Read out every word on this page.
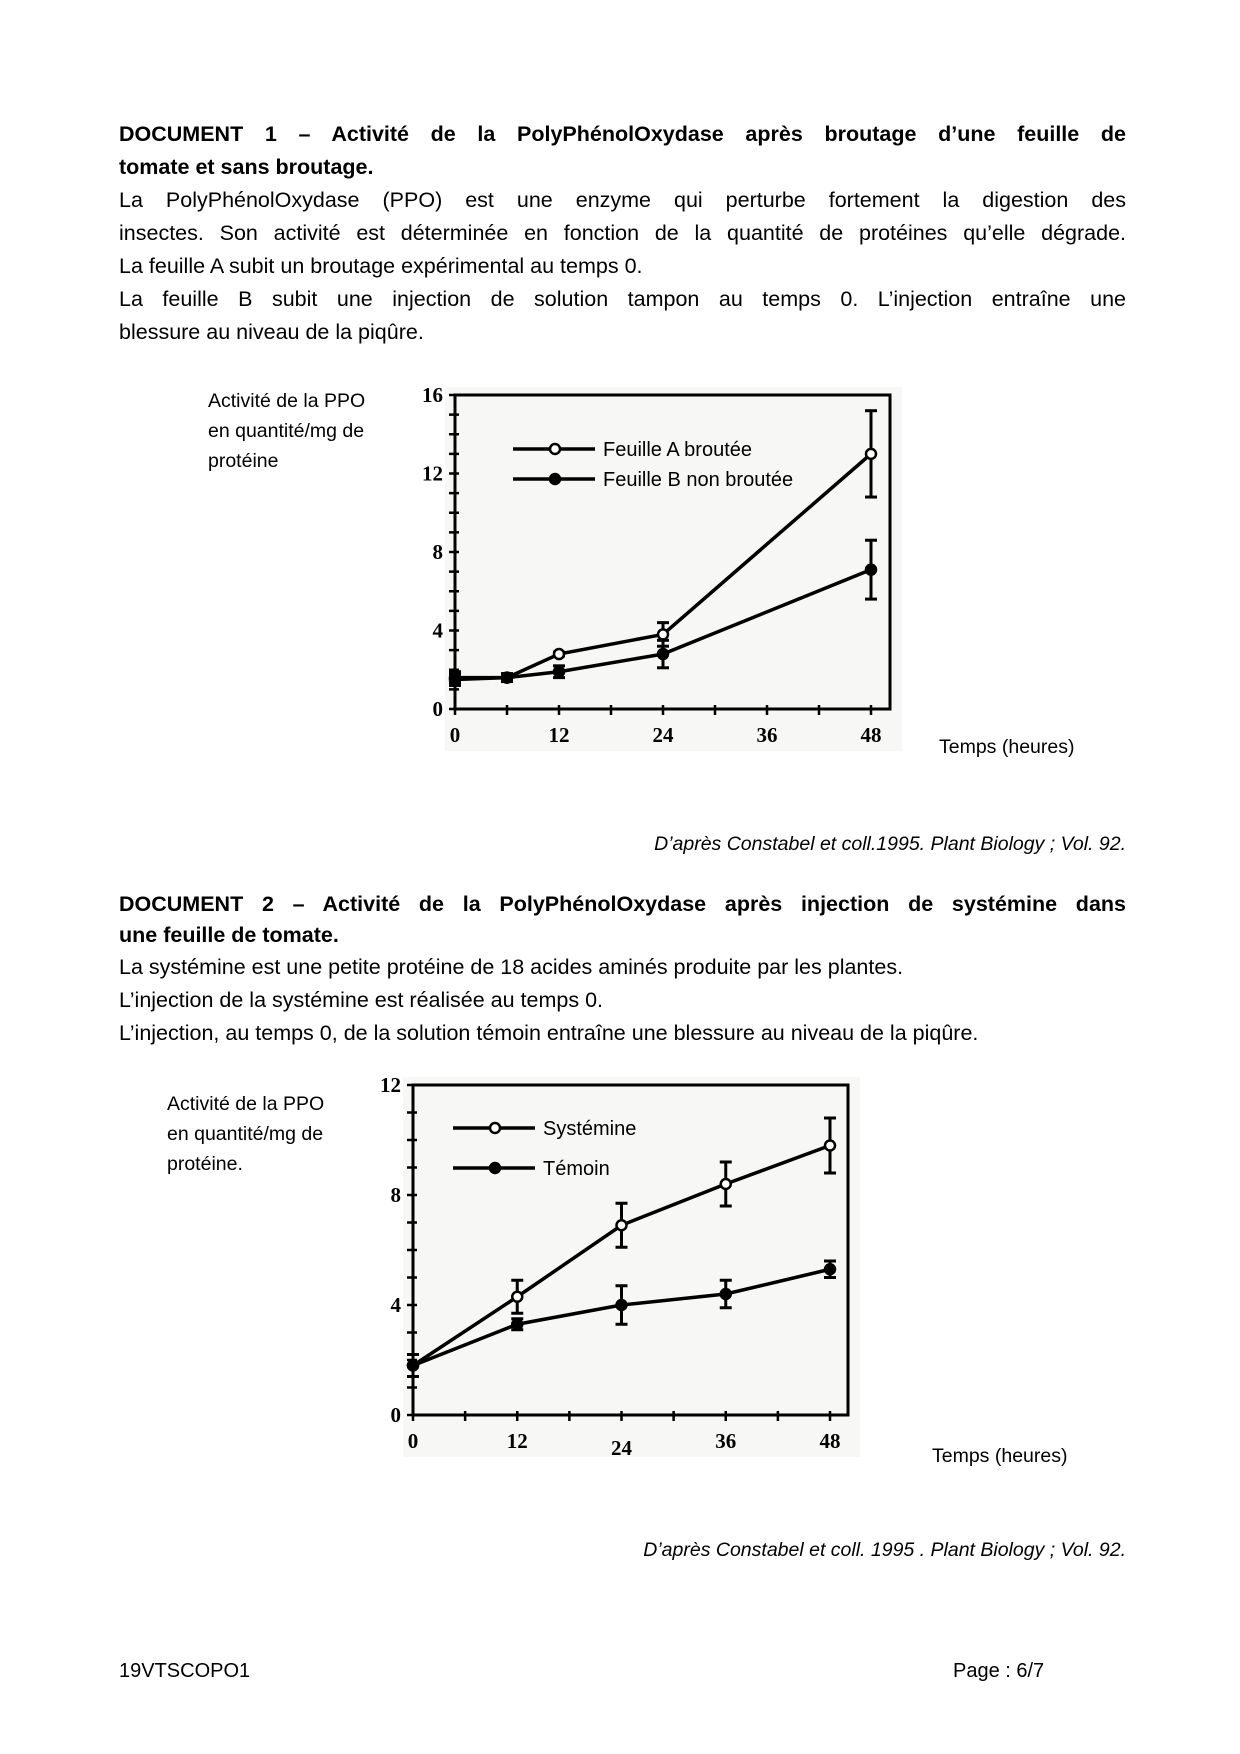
DOCUMENT 1 – Activité de la PolyPhénolOxydase après broutage d’une feuille de
tomate et sans broutage.
La PolyPhénolOxydase (PPO) est une enzyme qui perturbe fortement la digestion des
insectes. Son activité est déterminée en fonction de la quantité de protéines qu’elle dégrade.
La feuille A subit un broutage expérimental au temps 0.
La feuille B subit une injection de solution tampon au temps 0. L’injection entraîne une
blessure au niveau de la piqûre.
Activité de la PPO
en quantité/mg de
protéine
0
4
8
12
16
0	12	24	36	48
Feuille A broutée
Feuille B non broutée
Temps (heures)
D’après Constabel et coll.1995. Plant Biology ; Vol. 92.
DOCUMENT 2 – Activité de la PolyPhénolOxydase après injection de systémine dans
une feuille de tomate.
La systémine est une petite protéine de 18 acides aminés produite par les plantes.
L’injection de la systémine est réalisée au temps 0.
L’injection, au temps 0, de la solution témoin entraîne une blessure au niveau de la piqûre.
Activité de la PPO
en quantité/mg de
protéine.
0
4
8
12
0	12	24	36	48
Systémine
Témoin
Temps (heures)
D’après Constabel et coll. 1995 . Plant Biology ; Vol. 92.
19VTSCOPO1	Page : 6/7
